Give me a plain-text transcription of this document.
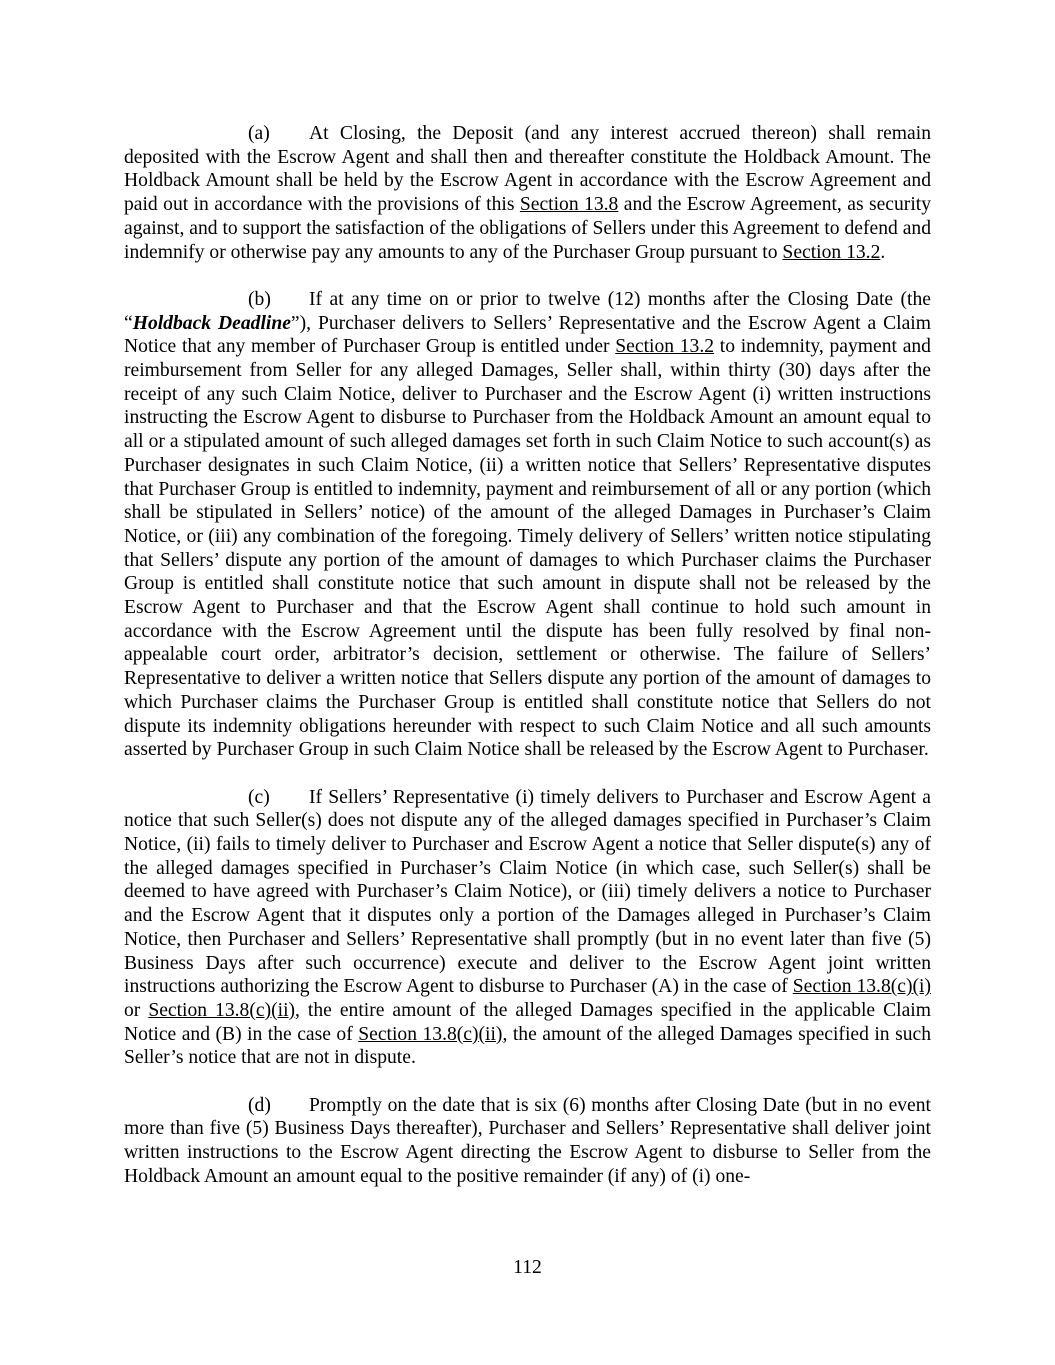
(a) At Closing, the Deposit (and any interest accrued thereon) shall remain deposited with the Escrow Agent and shall then and thereafter constitute the Holdback Amount. The Holdback Amount shall be held by the Escrow Agent in accordance with the Escrow Agreement and paid out in accordance with the provisions of this Section 13.8 and the Escrow Agreement, as security against, and to support the satisfaction of the obligations of Sellers under this Agreement to defend and indemnify or otherwise pay any amounts to any of the Purchaser Group pursuant to Section 13.2.

(b) If at any time on or prior to twelve (12) months after the Closing Date (the “Holdback Deadline”), Purchaser delivers to Sellers’ Representative and the Escrow Agent a Claim Notice that any member of Purchaser Group is entitled under Section 13.2 to indemnity, payment and reimbursement from Seller for any alleged Damages, Seller shall, within thirty (30) days after the receipt of any such Claim Notice, deliver to Purchaser and the Escrow Agent (i) written instructions instructing the Escrow Agent to disburse to Purchaser from the Holdback Amount an amount equal to all or a stipulated amount of such alleged damages set forth in such Claim Notice to such account(s) as Purchaser designates in such Claim Notice, (ii) a written notice that Sellers’ Representative disputes that Purchaser Group is entitled to indemnity, payment and reimbursement of all or any portion (which shall be stipulated in Sellers’ notice) of the amount of the alleged Damages in Purchaser’s Claim Notice, or (iii) any combination of the foregoing. Timely delivery of Sellers’ written notice stipulating that Sellers’ dispute any portion of the amount of damages to which Purchaser claims the Purchaser Group is entitled shall constitute notice that such amount in dispute shall not be released by the Escrow Agent to Purchaser and that the Escrow Agent shall continue to hold such amount in accordance with the Escrow Agreement until the dispute has been fully resolved by final non-appealable court order, arbitrator’s decision, settlement or otherwise. The failure of Sellers’ Representative to deliver a written notice that Sellers dispute any portion of the amount of damages to which Purchaser claims the Purchaser Group is entitled shall constitute notice that Sellers do not dispute its indemnity obligations hereunder with respect to such Claim Notice and all such amounts asserted by Purchaser Group in such Claim Notice shall be released by the Escrow Agent to Purchaser.

(c) If Sellers’ Representative (i) timely delivers to Purchaser and Escrow Agent a notice that such Seller(s) does not dispute any of the alleged damages specified in Purchaser’s Claim Notice, (ii) fails to timely deliver to Purchaser and Escrow Agent a notice that Seller dispute(s) any of the alleged damages specified in Purchaser’s Claim Notice (in which case, such Seller(s) shall be deemed to have agreed with Purchaser’s Claim Notice), or (iii) timely delivers a notice to Purchaser and the Escrow Agent that it disputes only a portion of the Damages alleged in Purchaser’s Claim Notice, then Purchaser and Sellers’ Representative shall promptly (but in no event later than five (5) Business Days after such occurrence) execute and deliver to the Escrow Agent joint written instructions authorizing the Escrow Agent to disburse to Purchaser (A) in the case of Section 13.8(c)(i) or Section 13.8(c)(ii), the entire amount of the alleged Damages specified in the applicable Claim Notice and (B) in the case of Section 13.8(c)(ii), the amount of the alleged Damages specified in such Seller’s notice that are not in dispute.

(d) Promptly on the date that is six (6) months after Closing Date (but in no event more than five (5) Business Days thereafter), Purchaser and Sellers’ Representative shall deliver joint written instructions to the Escrow Agent directing the Escrow Agent to disburse to Seller from the Holdback Amount an amount equal to the positive remainder (if any) of (i) one-

112
